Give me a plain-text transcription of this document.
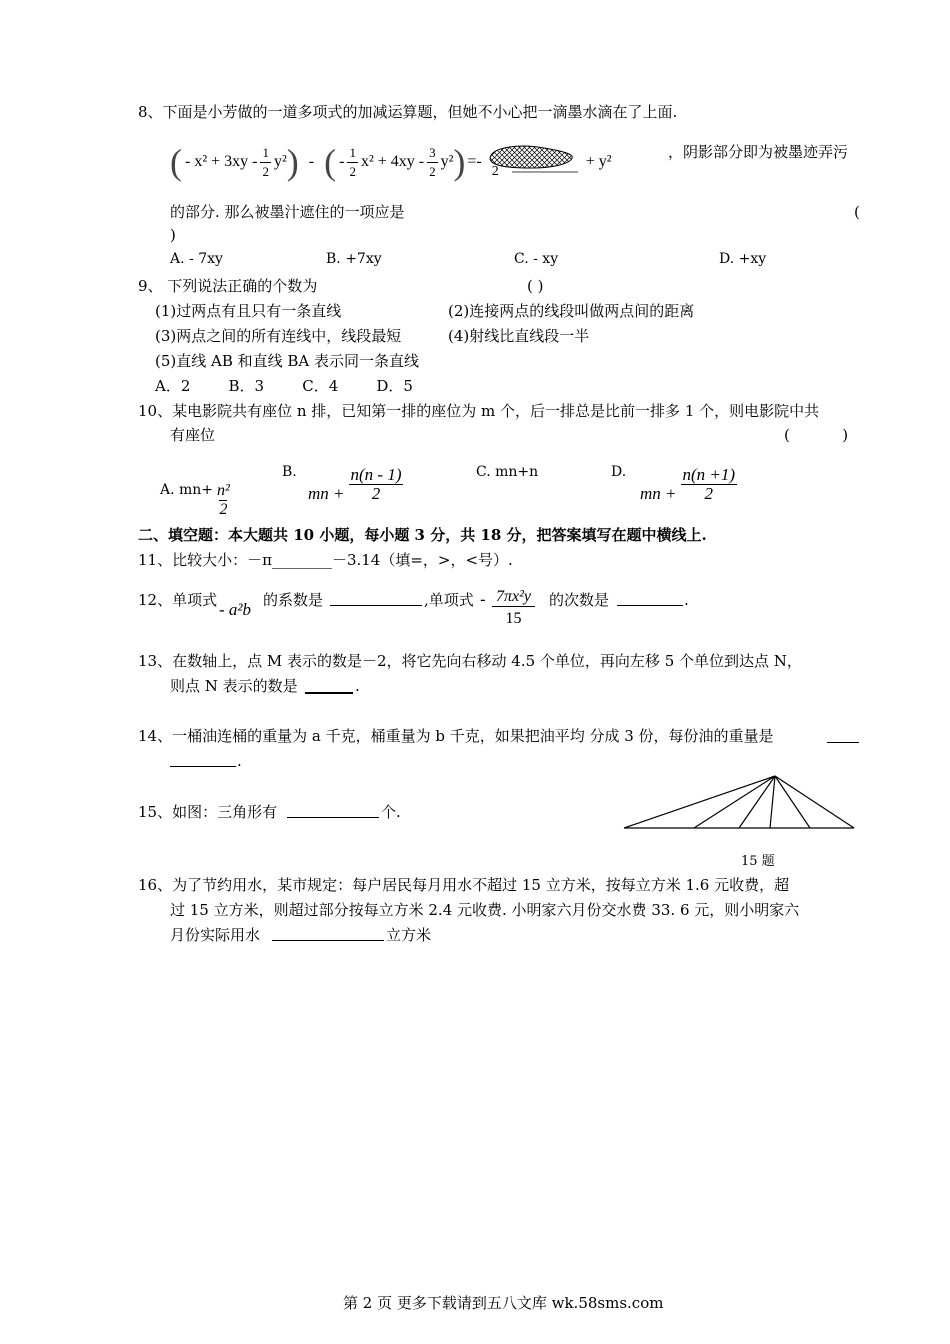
8、下面是小芳做的一道多项式的加减运算题，但她不小心把一滴墨水滴在了上面.
( - $x^2 + 3xy - \frac{1}{2} y^2$ ) - ( - $\frac{1}{2} x^2 + 4xy - \frac{3}{2} y^2$ ) =-
2
+ y²
，阴影部分即为被墨迹弄污
的部分. 那么被墨汁遮住的一项应是	(
)
A. - 7xy	B. +7xy	C. - xy	D. +xy
9、 下列说法正确的个数为	( )
(1)过两点有且只有一条直线	(2)连接两点的线段叫做两点间的距离
(3)两点之间的所有连线中，线段最短	(4)射线比直线段一半
(5)直线 AB 和直线 BA 表示同一条直线
A．2        B．3        C．4        D．5
10、某电影院共有座位 n 排，已知第一排的座位为 m 个，后一排总是比前一排多 1 个，则电影院中共
有座位	(           )
A. $mn+ \frac{\text{n²}}{2}$
B.
mn + $\frac{n(n - 1)}{2}$	C. mn+n	D.
mn + $\frac{n(n +1)}{2}$
二、填空题：本大题共 10 小题，每小题 3 分，共 18 分，把答案填写在题中横线上.
11、比较大小：－π________－3.14（填=，>，<号）.
12、单项式 - a²b 的系数是	,单项式 - $\frac{\text{7πx²y}}{15}$ 的次数是	.
13、在数轴上，点 M 表示的数是－2，将它先向右移动 4.5 个单位，再向左移 5 个单位到达点 N，
则点 N 表示的数是	.
14、一桶油连桶的重量为 a 千克，桶重量为 b 千克，如果把油平均 分成 3 份，每份油的重量是
.
15、如图：三角形有	个.
15 题
16、为了节约用水，某市规定：每户居民每月用水不超过 15 立方米，按每立方米 1.6 元收费，超
过 15 立方米，则超过部分按每立方米 2.4 元收费. 小明家六月份交水费 33. 6 元，则小明家六
月份实际用水	立方米
第 2 页 更多下载请到五八文库 wk.58sms.com
